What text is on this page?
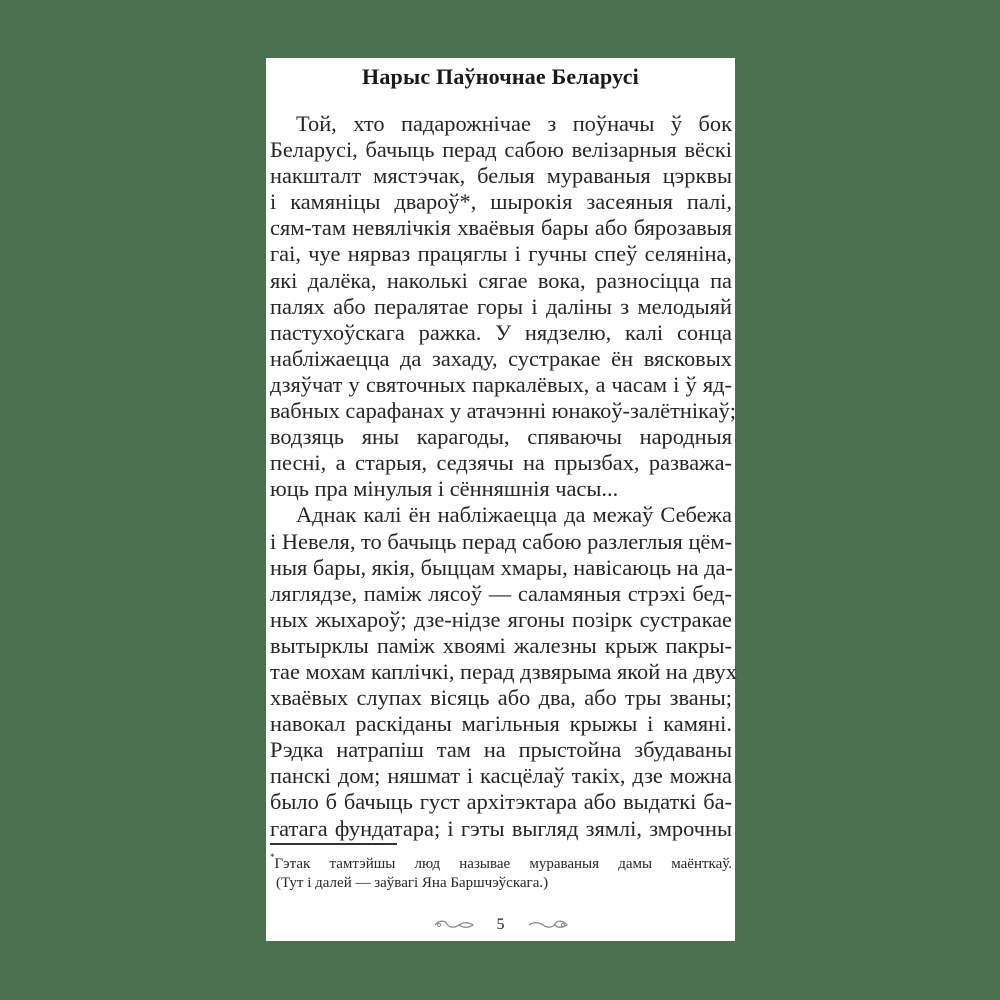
Нарыс Паўночнае Беларусі
Той, хто падарожнічае з поўначы ў бок
Беларусі, бачыць перад сабою велізарныя вёскі
накшталт мястэчак, белыя мураваныя цэрквы
і камяніцы двароў*, шырокія засеяныя палі,
сям-там невялічкія хваёвыя бары або бярозавыя
гаі, чуе нярваз працяглы і гучны спеў селяніна,
які далёка, наколькі сягае вока, разносіцца па
палях або пералятае горы і даліны з мелодыяй
пастухоўскага ражка. У нядзелю, калі сонца
набліжаецца да захаду, сустракае ён вясковых
дзяўчат у святочных паркалёвых, а часам і ў яд-
вабных сарафанах у атачэнні юнакоў-залётнікаў;
водзяць яны карагоды, спяваючы народныя
песні, а старыя, седзячы на прызбах, разважа-
юць пра мінулыя і сённяшнія часы...
Аднак калі ён набліжаецца да межаў Себежа
і Невеля, то бачыць перад сабою разлеглыя цём-
ныя бары, якія, быццам хмары, навісаюць на да-
ляглядзе, паміж лясоў — саламяныя стрэхі бед-
ных жыхароў; дзе-нідзе ягоны позірк сустракае
вытырклы паміж хвоямі жалезны крыж пакры-
тае мохам каплічкі, перад дзвярыма якой на двух
хваёвых слупах вісяць або два, або тры званы;
навокал раскіданы магільныя крыжы і камяні.
Рэдка натрапіш там на прыстойна збудаваны
панскі дом; няшмат і касцёлаў такіх, дзе можна
было б бачыць густ архітэктара або выдаткі ба-
гатага фундатара; і гэты выгляд зямлі, змрочны
*Гэтак тамтэйшы люд называе мураваныя дамы маёнткаў.
(Тут і далей — заўвагі Яна Баршчэўскага.)
5
